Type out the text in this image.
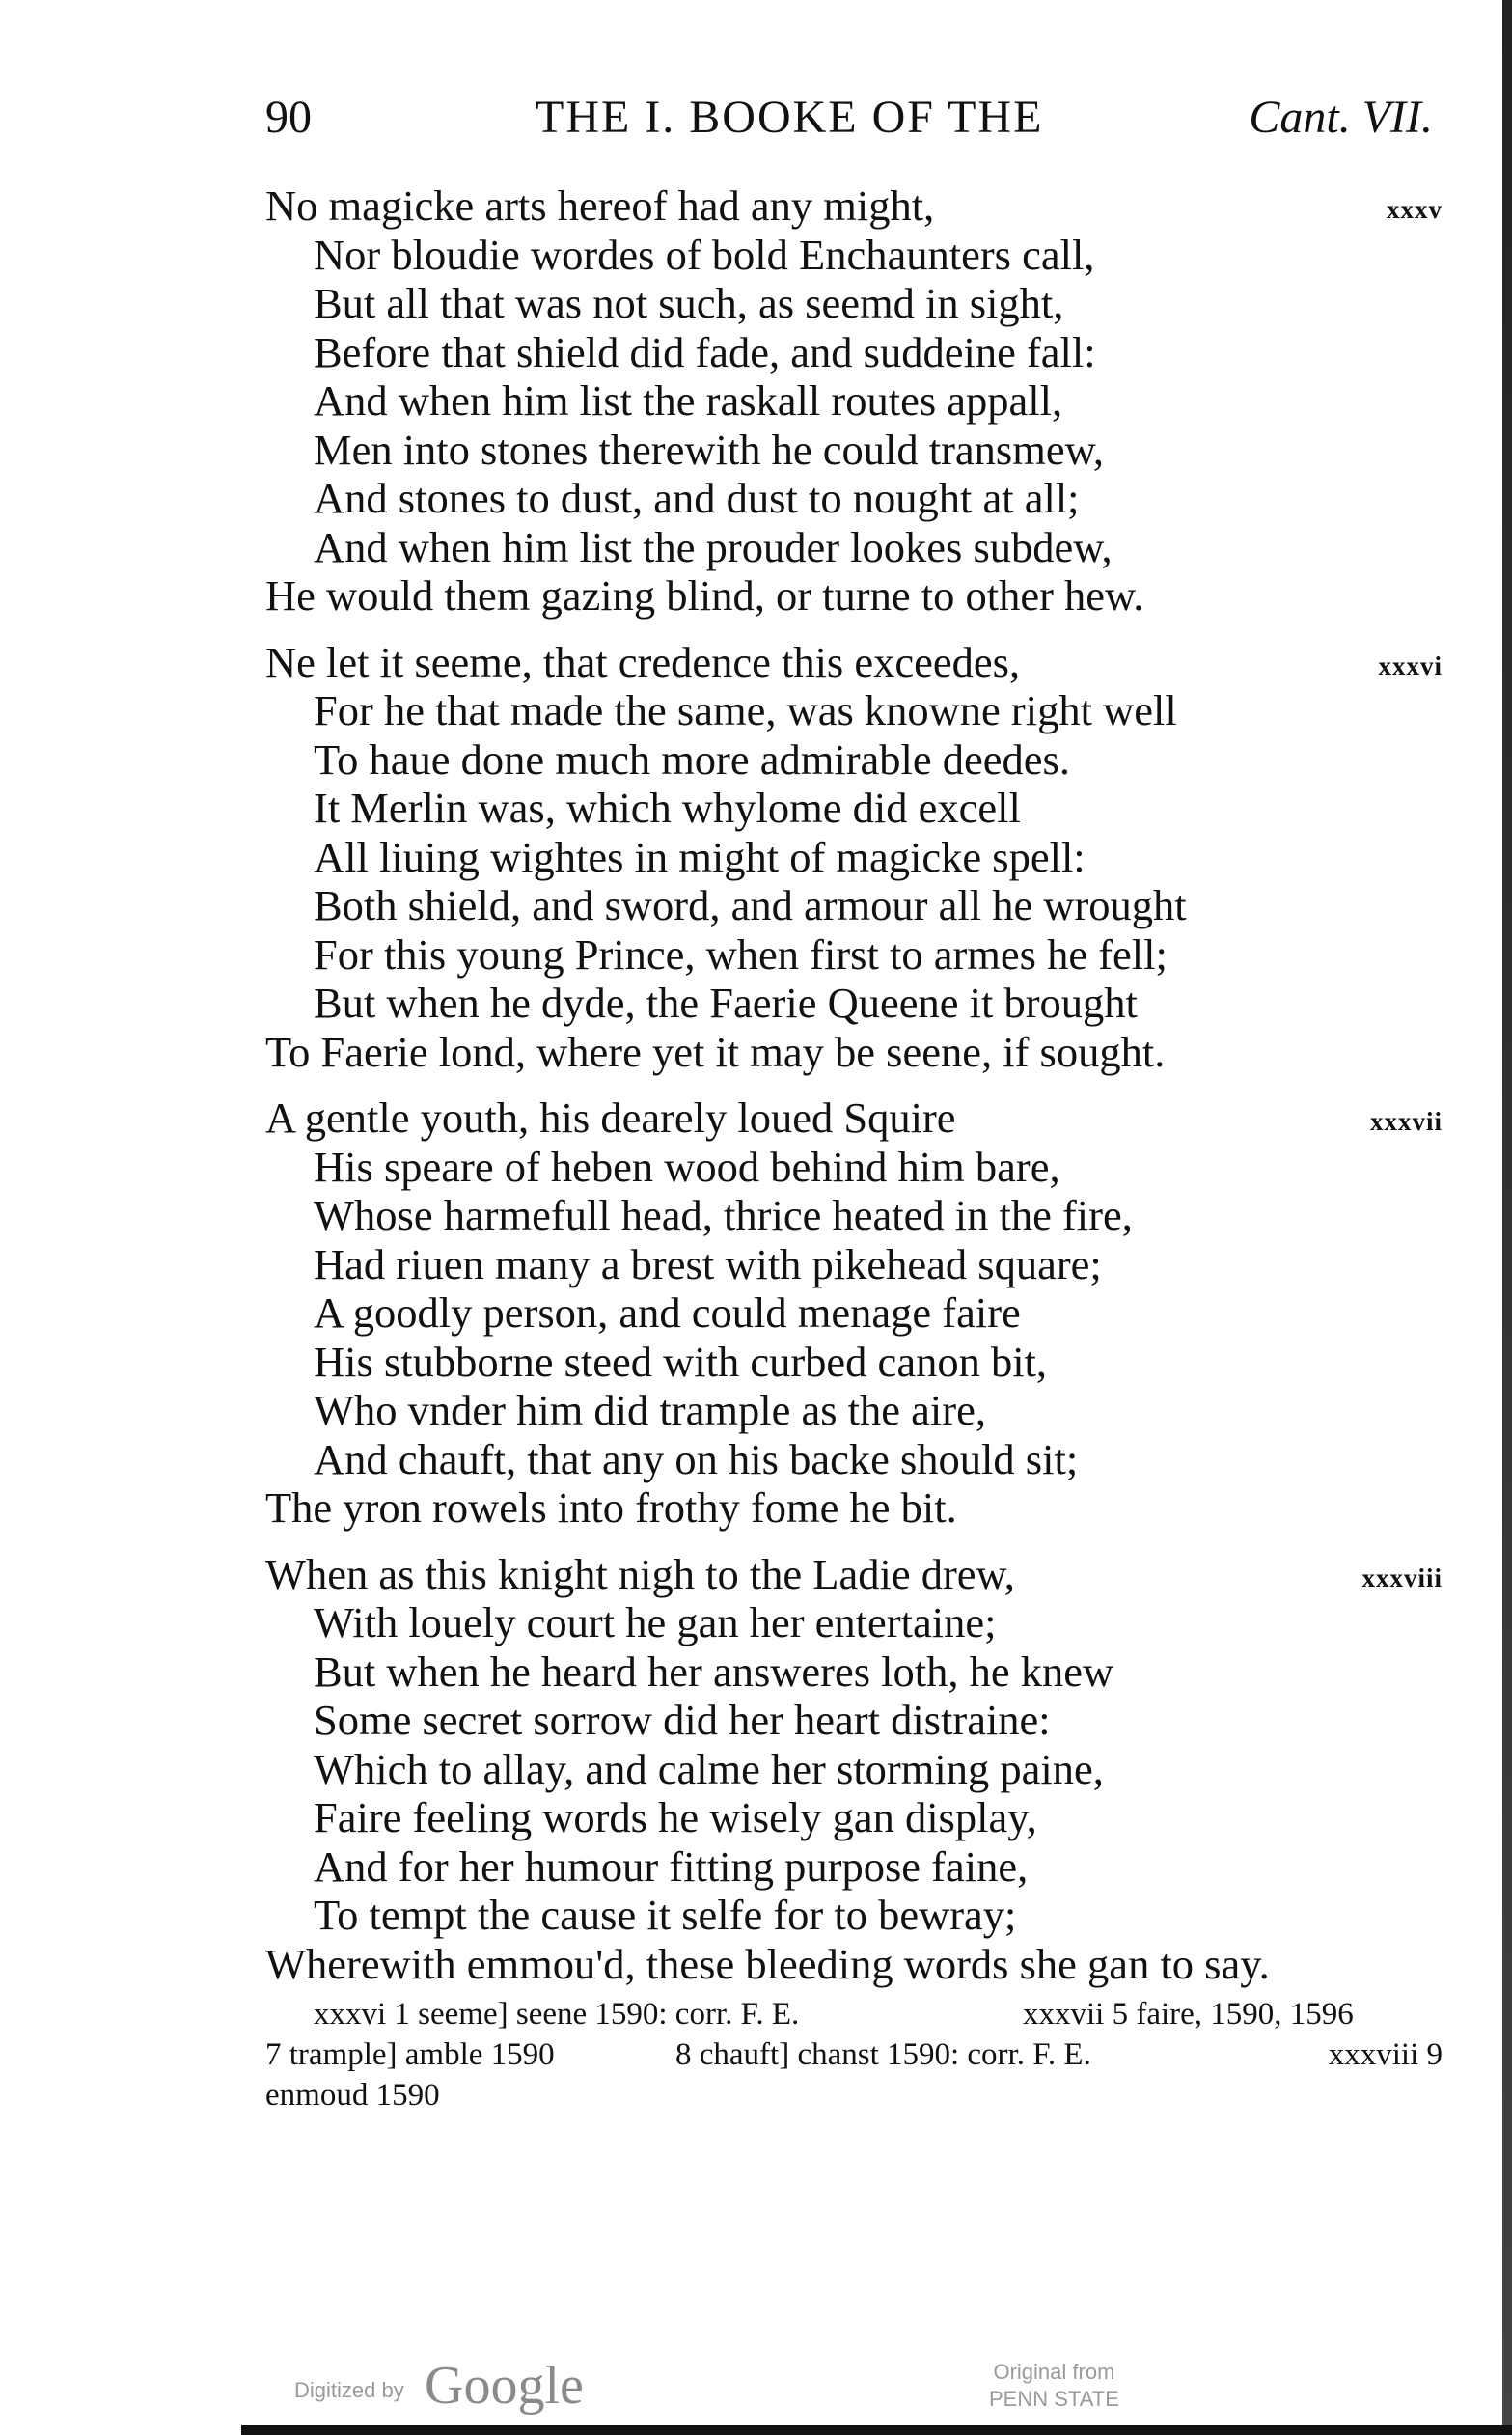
90	THE I. BOOKE OF THE	Cant. VII.
xxxv
No magicke arts hereof had any might,
Nor bloudie wordes of bold Enchaunters call,
But all that was not such, as seemd in sight,
Before that shield did fade, and suddeine fall:
And when him list the raskall routes appall,
Men into stones therewith he could transmew,
And stones to dust, and dust to nought at all;
And when him list the prouder lookes subdew,
He would them gazing blind, or turne to other hew.
xxxvi
Ne let it seeme, that credence this exceedes,
For he that made the same, was knowne right well
To haue done much more admirable deedes.
It Merlin was, which whylome did excell
All liuing wightes in might of magicke spell:
Both shield, and sword, and armour all he wrought
For this young Prince, when first to armes he fell;
But when he dyde, the Faerie Queene it brought
To Faerie lond, where yet it may be seene, if sought.
xxxvii
A gentle youth, his dearely loued Squire
His speare of heben wood behind him bare,
Whose harmefull head, thrice heated in the fire,
Had riuen many a brest with pikehead square;
A goodly person, and could menage faire
His stubborne steed with curbed canon bit,
Who vnder him did trample as the aire,
And chauft, that any on his backe should sit;
The yron rowels into frothy fome he bit.
xxxviii
When as this knight nigh to the Ladie drew,
With louely court he gan her entertaine;
But when he heard her answeres loth, he knew
Some secret sorrow did her heart distraine:
Which to allay, and calme her storming paine,
Faire feeling words he wisely gan display,
And for her humour fitting purpose faine,
To tempt the cause it selfe for to bewray;
Wherewith emmou'd, these bleeding words she gan to say.
xxxvi 1 seeme] seene 1590: corr. F. E.	xxxvii 5 faire, 1590, 1596
7 trample] amble 1590	8 chauft] chanst 1590: corr. F. E.	xxxviii 9
enmoud 1590
Digitized by Google	Original from
PENN STATE
